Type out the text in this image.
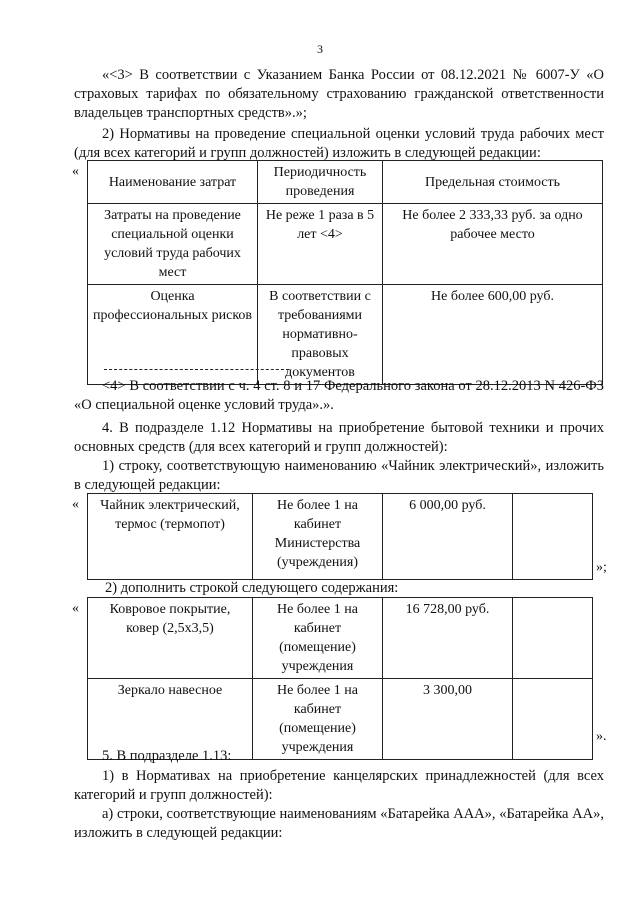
3
«<3> В соответствии с Указанием Банка России от 08.12.2021 № 6007-У «О страховых тарифах по обязательному страхованию гражданской ответственности владельцев транспортных средств».»;
2) Нормативы на проведение специальной оценки условий труда рабочих мест (для всех категорий и групп должностей) изложить в следующей редакции:
«
Наименование затрат	Периодичность проведения	Предельная стоимость
Затраты на проведение специальной оценки условий труда рабочих мест	Не реже 1 раза в 5 лет <4>	Не более 2 333,33 руб. за одно рабочее место
Оценка профессиональных рисков	В соответствии с требованиями нормативно-правовых документов	Не более 600,00 руб.
<4> В соответствии с ч. 4 ст. 8 и 17 Федерального закона от 28.12.2013 N 426-ФЗ «О специальной оценке условий труда».».
4. В подразделе 1.12 Нормативы на приобретение бытовой техники и прочих основных средств (для всех категорий и групп должностей):
1) строку, соответствующую наименованию «Чайник электрический», изложить в следующей редакции:
« Чайник электрический, термос (термопот)	Не более 1 на кабинет Министерства (учреждения)	6 000,00 руб.	
»;
2) дополнить строкой следующего содержания:
« Ковровое покрытие, ковер (2,5х3,5)	Не более 1 на кабинет (помещение) учреждения	16 728,00 руб.	
Зеркало навесное	Не более 1 на кабинет (помещение) учреждения	3 300,00	
».
5. В подразделе 1.13:
1) в Нормативах на приобретение канцелярских принадлежностей (для всех категорий и групп должностей):
а) строки, соответствующие наименованиям «Батарейка ААА», «Батарейка АА», изложить в следующей редакции:
